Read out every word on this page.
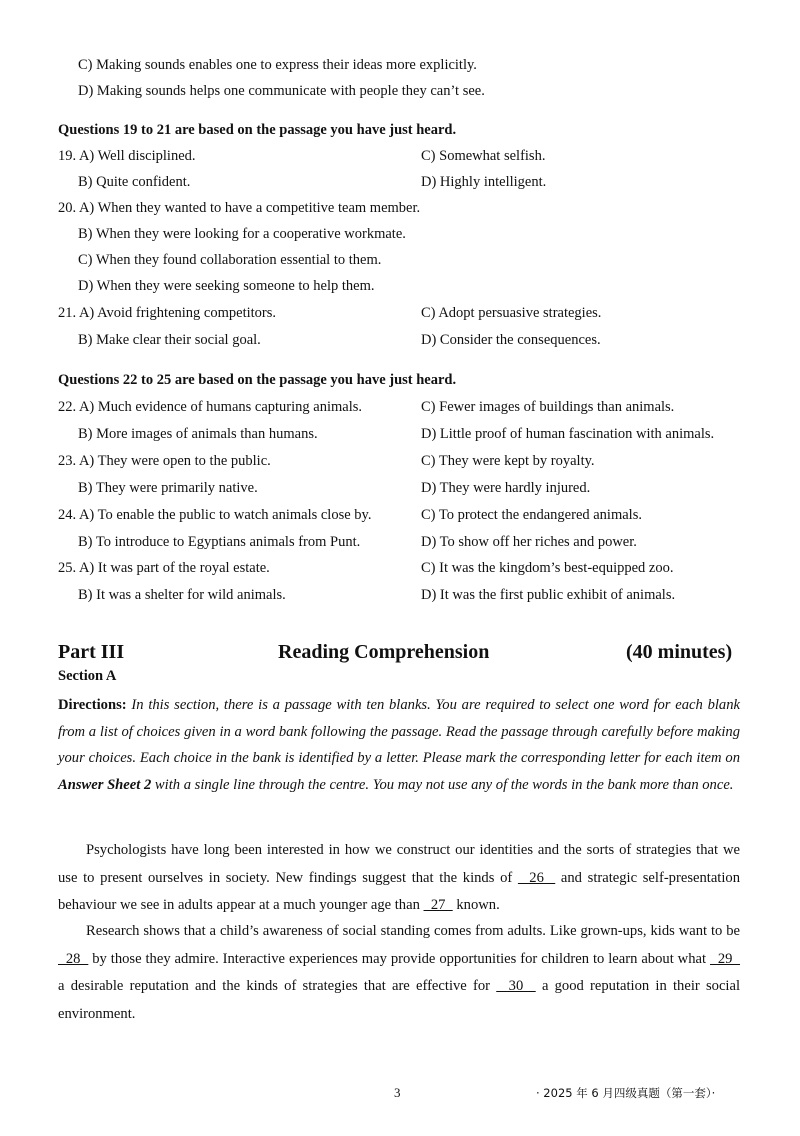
C) Making sounds enables one to express their ideas more explicitly.
D) Making sounds helps one communicate with people they can’t see.
Questions 19 to 21 are based on the passage you have just heard.
19. A) Well disciplined.	C) Somewhat selfish.
B) Quite confident.	D) Highly intelligent.
20. A) When they wanted to have a competitive team member.
B) When they were looking for a cooperative workmate.
C) When they found collaboration essential to them.
D) When they were seeking someone to help them.
21. A) Avoid frightening competitors.	C) Adopt persuasive strategies.
B) Make clear their social goal.	D) Consider the consequences.
Questions 22 to 25 are based on the passage you have just heard.
22. A) Much evidence of humans capturing animals.	C) Fewer images of buildings than animals.
B) More images of animals than humans.	D) Little proof of human fascination with animals.
23. A) They were open to the public.	C) They were kept by royalty.
B) They were primarily native.	D) They were hardly injured.
24. A) To enable the public to watch animals close by.	C) To protect the endangered animals.
B) To introduce to Egyptians animals from Punt.	D) To show off her riches and power.
25. A) It was part of the royal estate.	C) It was the kingdom’s best-equipped zoo.
B) It was a shelter for wild animals.	D) It was the first public exhibit of animals.
Part III	Reading Comprehension	(40 minutes)
Section A
Directions: In this section, there is a passage with ten blanks. You are required to select one word for each blank from a list of choices given in a word bank following the passage. Read the passage through carefully before making your choices. Each choice in the bank is identified by a letter. Please mark the corresponding letter for each item on Answer Sheet 2 with a single line through the centre. You may not use any of the words in the bank more than once.
Psychologists have long been interested in how we construct our identities and the sorts of strategies that we use to present ourselves in society. New findings suggest that the kinds of   26   and strategic self-presentation behaviour we see in adults appear at a much younger age than   27   known.
Research shows that a child’s awareness of social standing comes from adults. Like grown-ups, kids want to be   28   by those they admire. Interactive experiences may provide opportunities for children to learn about what   29   a desirable reputation and the kinds of strategies that are effective for   30   a good reputation in their social environment.
3	· 2025 年 6 月四级真题（第一套）·
